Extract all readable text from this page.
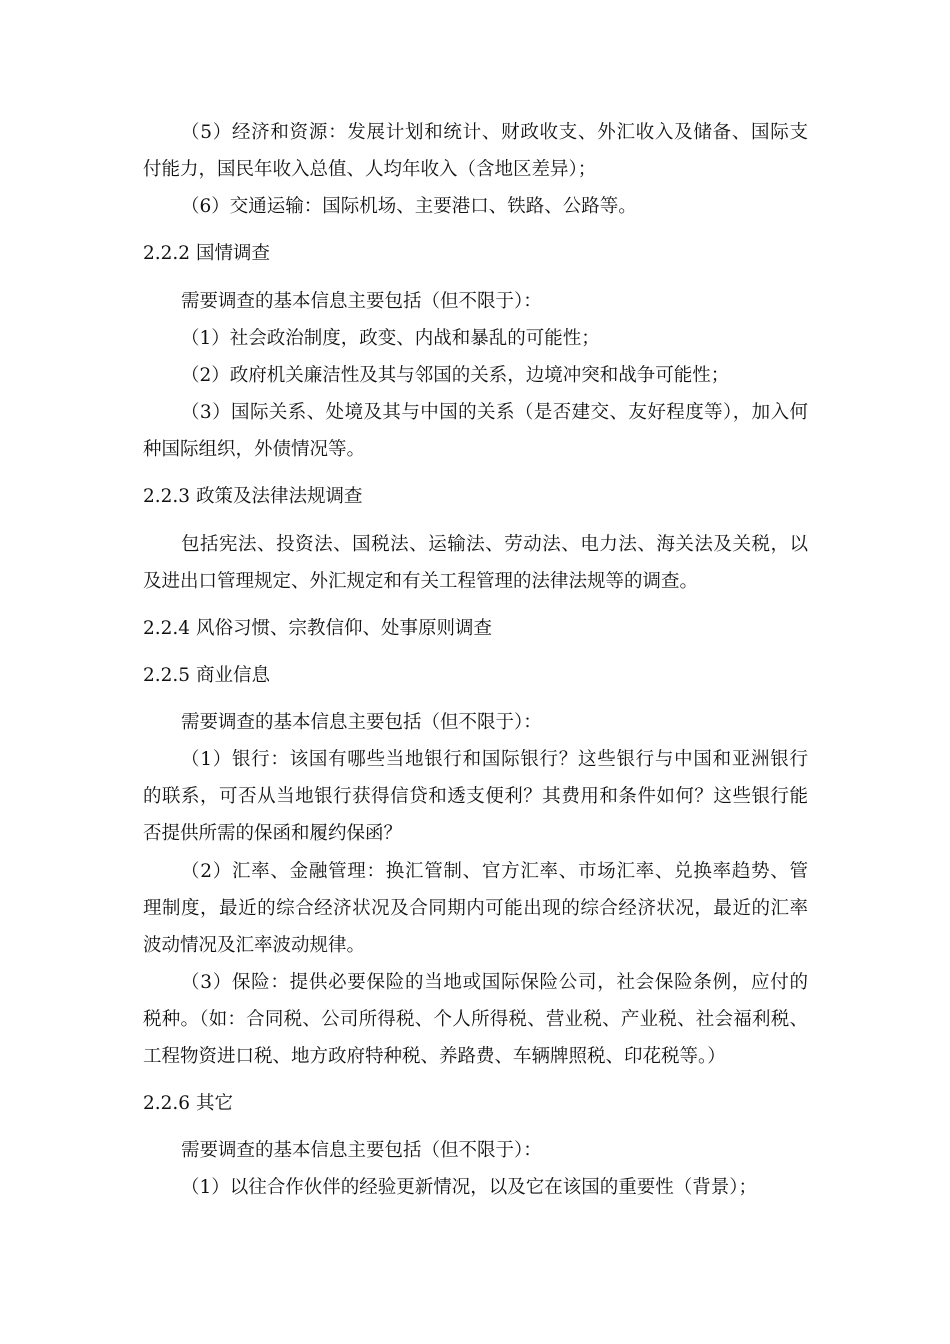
（5）经济和资源：发展计划和统计、财政收支、外汇收入及储备、国际支
付能力，国民年收入总值、人均年收入（含地区差异）；
（6）交通运输：国际机场、主要港口、铁路、公路等。
2.2.2 国情调查
需要调查的基本信息主要包括（但不限于）：
（1）社会政治制度，政变、内战和暴乱的可能性；
（2）政府机关廉洁性及其与邻国的关系，边境冲突和战争可能性；
（3）国际关系、处境及其与中国的关系（是否建交、友好程度等），加入何
种国际组织，外债情况等。
2.2.3 政策及法律法规调查
包括宪法、投资法、国税法、运输法、劳动法、电力法、海关法及关税，以
及进出口管理规定、外汇规定和有关工程管理的法律法规等的调查。
2.2.4 风俗习惯、宗教信仰、处事原则调查
2.2.5 商业信息
需要调查的基本信息主要包括（但不限于）：
（1）银行：该国有哪些当地银行和国际银行？这些银行与中国和亚洲银行
的联系，可否从当地银行获得信贷和透支便利？其费用和条件如何？这些银行能
否提供所需的保函和履约保函？
（2）汇率、金融管理：换汇管制、官方汇率、市场汇率、兑换率趋势、管
理制度，最近的综合经济状况及合同期内可能出现的综合经济状况，最近的汇率
波动情况及汇率波动规律。
（3）保险：提供必要保险的当地或国际保险公司，社会保险条例，应付的
税种。（如：合同税、公司所得税、个人所得税、营业税、产业税、社会福利税、
工程物资进口税、地方政府特种税、养路费、车辆牌照税、印花税等。）
2.2.6 其它
需要调查的基本信息主要包括（但不限于）：
（1）以往合作伙伴的经验更新情况，以及它在该国的重要性（背景）；
